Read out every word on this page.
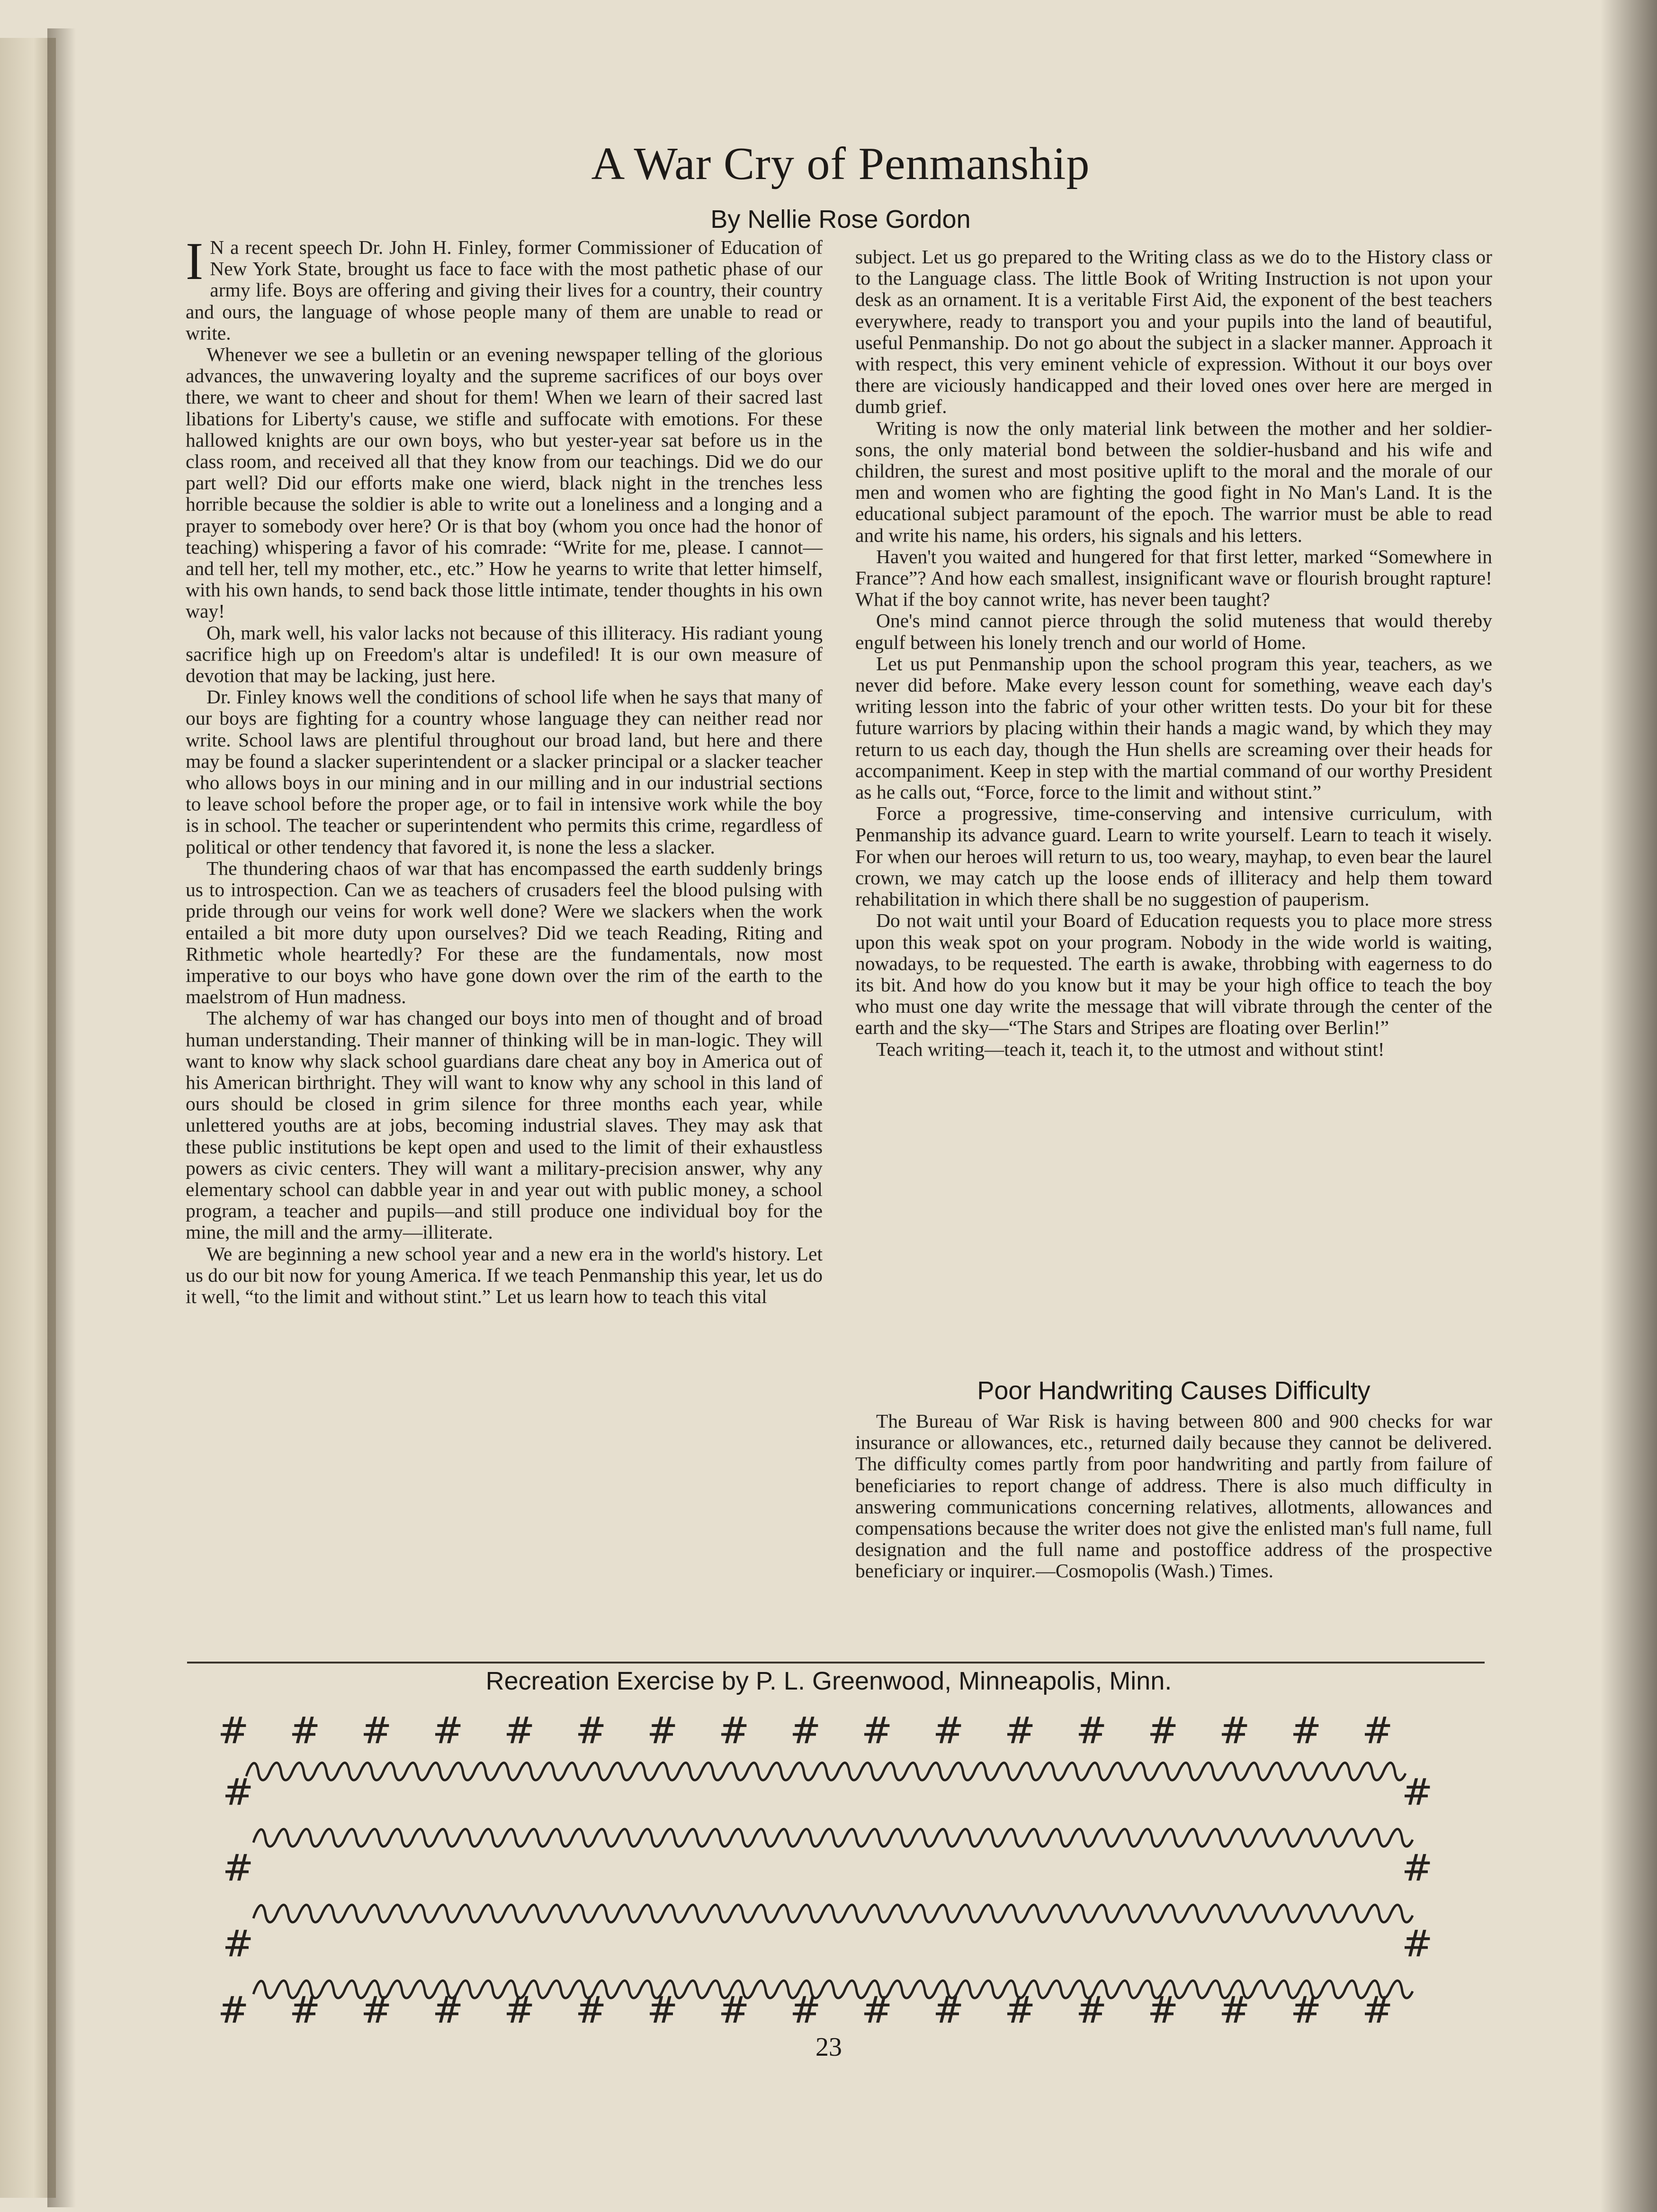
A War Cry of Penmanship
By Nellie Rose Gordon
I N a recent speech Dr. John H. Finley, former Commissioner of Education of New York State, brought us face to face with the most pathetic phase of our army life. Boys are offering and giving their lives for a country, their country and ours, the language of whose people many of them are unable to read or write.

Whenever we see a bulletin or an evening newspaper telling of the glorious advances, the unwavering loyalty and the supreme sacrifices of our boys over there, we want to cheer and shout for them! When we learn of their sacred last libations for Liberty's cause, we stifle and suffocate with emotions. For these hallowed knights are our own boys, who but yester-year sat before us in the class room, and received all that they know from our teachings. Did we do our part well? Did our efforts make one wierd, black night in the trenches less horrible because the soldier is able to write out a loneliness and a longing and a prayer to somebody over here? Or is that boy (whom you once had the honor of teaching) whispering a favor of his comrade: “Write for me, please. I cannot—and tell her, tell my mother, etc., etc.” How he yearns to write that letter himself, with his own hands, to send back those little intimate, tender thoughts in his own way!

Oh, mark well, his valor lacks not because of this illiteracy. His radiant young sacrifice high up on Freedom's altar is undefiled! It is our own measure of devotion that may be lacking, just here.

Dr. Finley knows well the conditions of school life when he says that many of our boys are fighting for a country whose language they can neither read nor write. School laws are plentiful throughout our broad land, but here and there may be found a slacker superintendent or a slacker principal or a slacker teacher who allows boys in our mining and in our milling and in our industrial sections to leave school before the proper age, or to fail in intensive work while the boy is in school. The teacher or superintendent who permits this crime, regardless of political or other tendency that favored it, is none the less a slacker.

The thundering chaos of war that has encompassed the earth suddenly brings us to introspection. Can we as teachers of crusaders feel the blood pulsing with pride through our veins for work well done? Were we slackers when the work entailed a bit more duty upon ourselves? Did we teach Reading, Riting and Rithmetic whole heartedly? For these are the fundamentals, now most imperative to our boys who have gone down over the rim of the earth to the maelstrom of Hun madness.

The alchemy of war has changed our boys into men of thought and of broad human understanding. Their manner of thinking will be in man-logic. They will want to know why slack school guardians dare cheat any boy in America out of his American birthright. They will want to know why any school in this land of ours should be closed in grim silence for three months each year, while unlettered youths are at jobs, becoming industrial slaves. They may ask that these public institutions be kept open and used to the limit of their exhaustless powers as civic centers. They will want a military-precision answer, why any elementary school can dabble year in and year out with public money, a school program, a teacher and pupils—and still produce one individual boy for the mine, the mill and the army—illiterate.

We are beginning a new school year and a new era in the world's history. Let us do our bit now for young America. If we teach Penmanship this year, let us do it well, “to the limit and without stint.” Let us learn how to teach this vital

subject. Let us go prepared to the Writing class as we do to the History class or to the Language class. The little Book of Writing Instruction is not upon your desk as an ornament. It is a veritable First Aid, the exponent of the best teachers everywhere, ready to transport you and your pupils into the land of beautiful, useful Penmanship. Do not go about the subject in a slacker manner. Approach it with respect, this very eminent vehicle of expression. Without it our boys over there are viciously handicapped and their loved ones over here are merged in dumb grief.

Writing is now the only material link between the mother and her soldier-sons, the only material bond between the soldier-husband and his wife and children, the surest and most positive uplift to the moral and the morale of our men and women who are fighting the good fight in No Man's Land. It is the educational subject paramount of the epoch. The warrior must be able to read and write his name, his orders, his signals and his letters.

Haven't you waited and hungered for that first letter, marked “Somewhere in France”? And how each smallest, insignificant wave or flourish brought rapture! What if the boy cannot write, has never been taught?

One's mind cannot pierce through the solid muteness that would thereby engulf between his lonely trench and our world of Home.

Let us put Penmanship upon the school program this year, teachers, as we never did before. Make every lesson count for something, weave each day's writing lesson into the fabric of your other written tests. Do your bit for these future warriors by placing within their hands a magic wand, by which they may return to us each day, though the Hun shells are screaming over their heads for accompaniment. Keep in step with the martial command of our worthy President as he calls out, “Force, force to the limit and without stint.”

Force a progressive, time-conserving and intensive curriculum, with Penmanship its advance guard. Learn to write yourself. Learn to teach it wisely. For when our heroes will return to us, too weary, mayhap, to even bear the laurel crown, we may catch up the loose ends of illiteracy and help them toward rehabilitation in which there shall be no suggestion of pauperism.

Do not wait until your Board of Education requests you to place more stress upon this weak spot on your program. Nobody in the wide world is waiting, nowadays, to be requested. The earth is awake, throbbing with eagerness to do its bit. And how do you know but it may be your high office to teach the boy who must one day write the message that will vibrate through the center of the earth and the sky—“The Stars and Stripes are floating over Berlin!”

Teach writing—teach it, teach it, to the utmost and without stint!

Poor Handwriting Causes Difficulty

The Bureau of War Risk is having between 800 and 900 checks for war insurance or allowances, etc., returned daily because they cannot be delivered. The difficulty comes partly from poor handwriting and partly from failure of beneficiaries to report change of address. There is also much difficulty in answering communications concerning relatives, allotments, allowances and compensations because the writer does not give the enlisted man's full name, full designation and the full name and postoffice address of the prospective beneficiary or inquirer.—Cosmopolis (Wash.) Times.

Recreation Exercise by P. L. Greenwood, Minneapolis, Minn.
# # # # # # # # # # # # # # # # #
#	#
#	#
#	#
# # # # # # # # # # # # # # # # #
23
